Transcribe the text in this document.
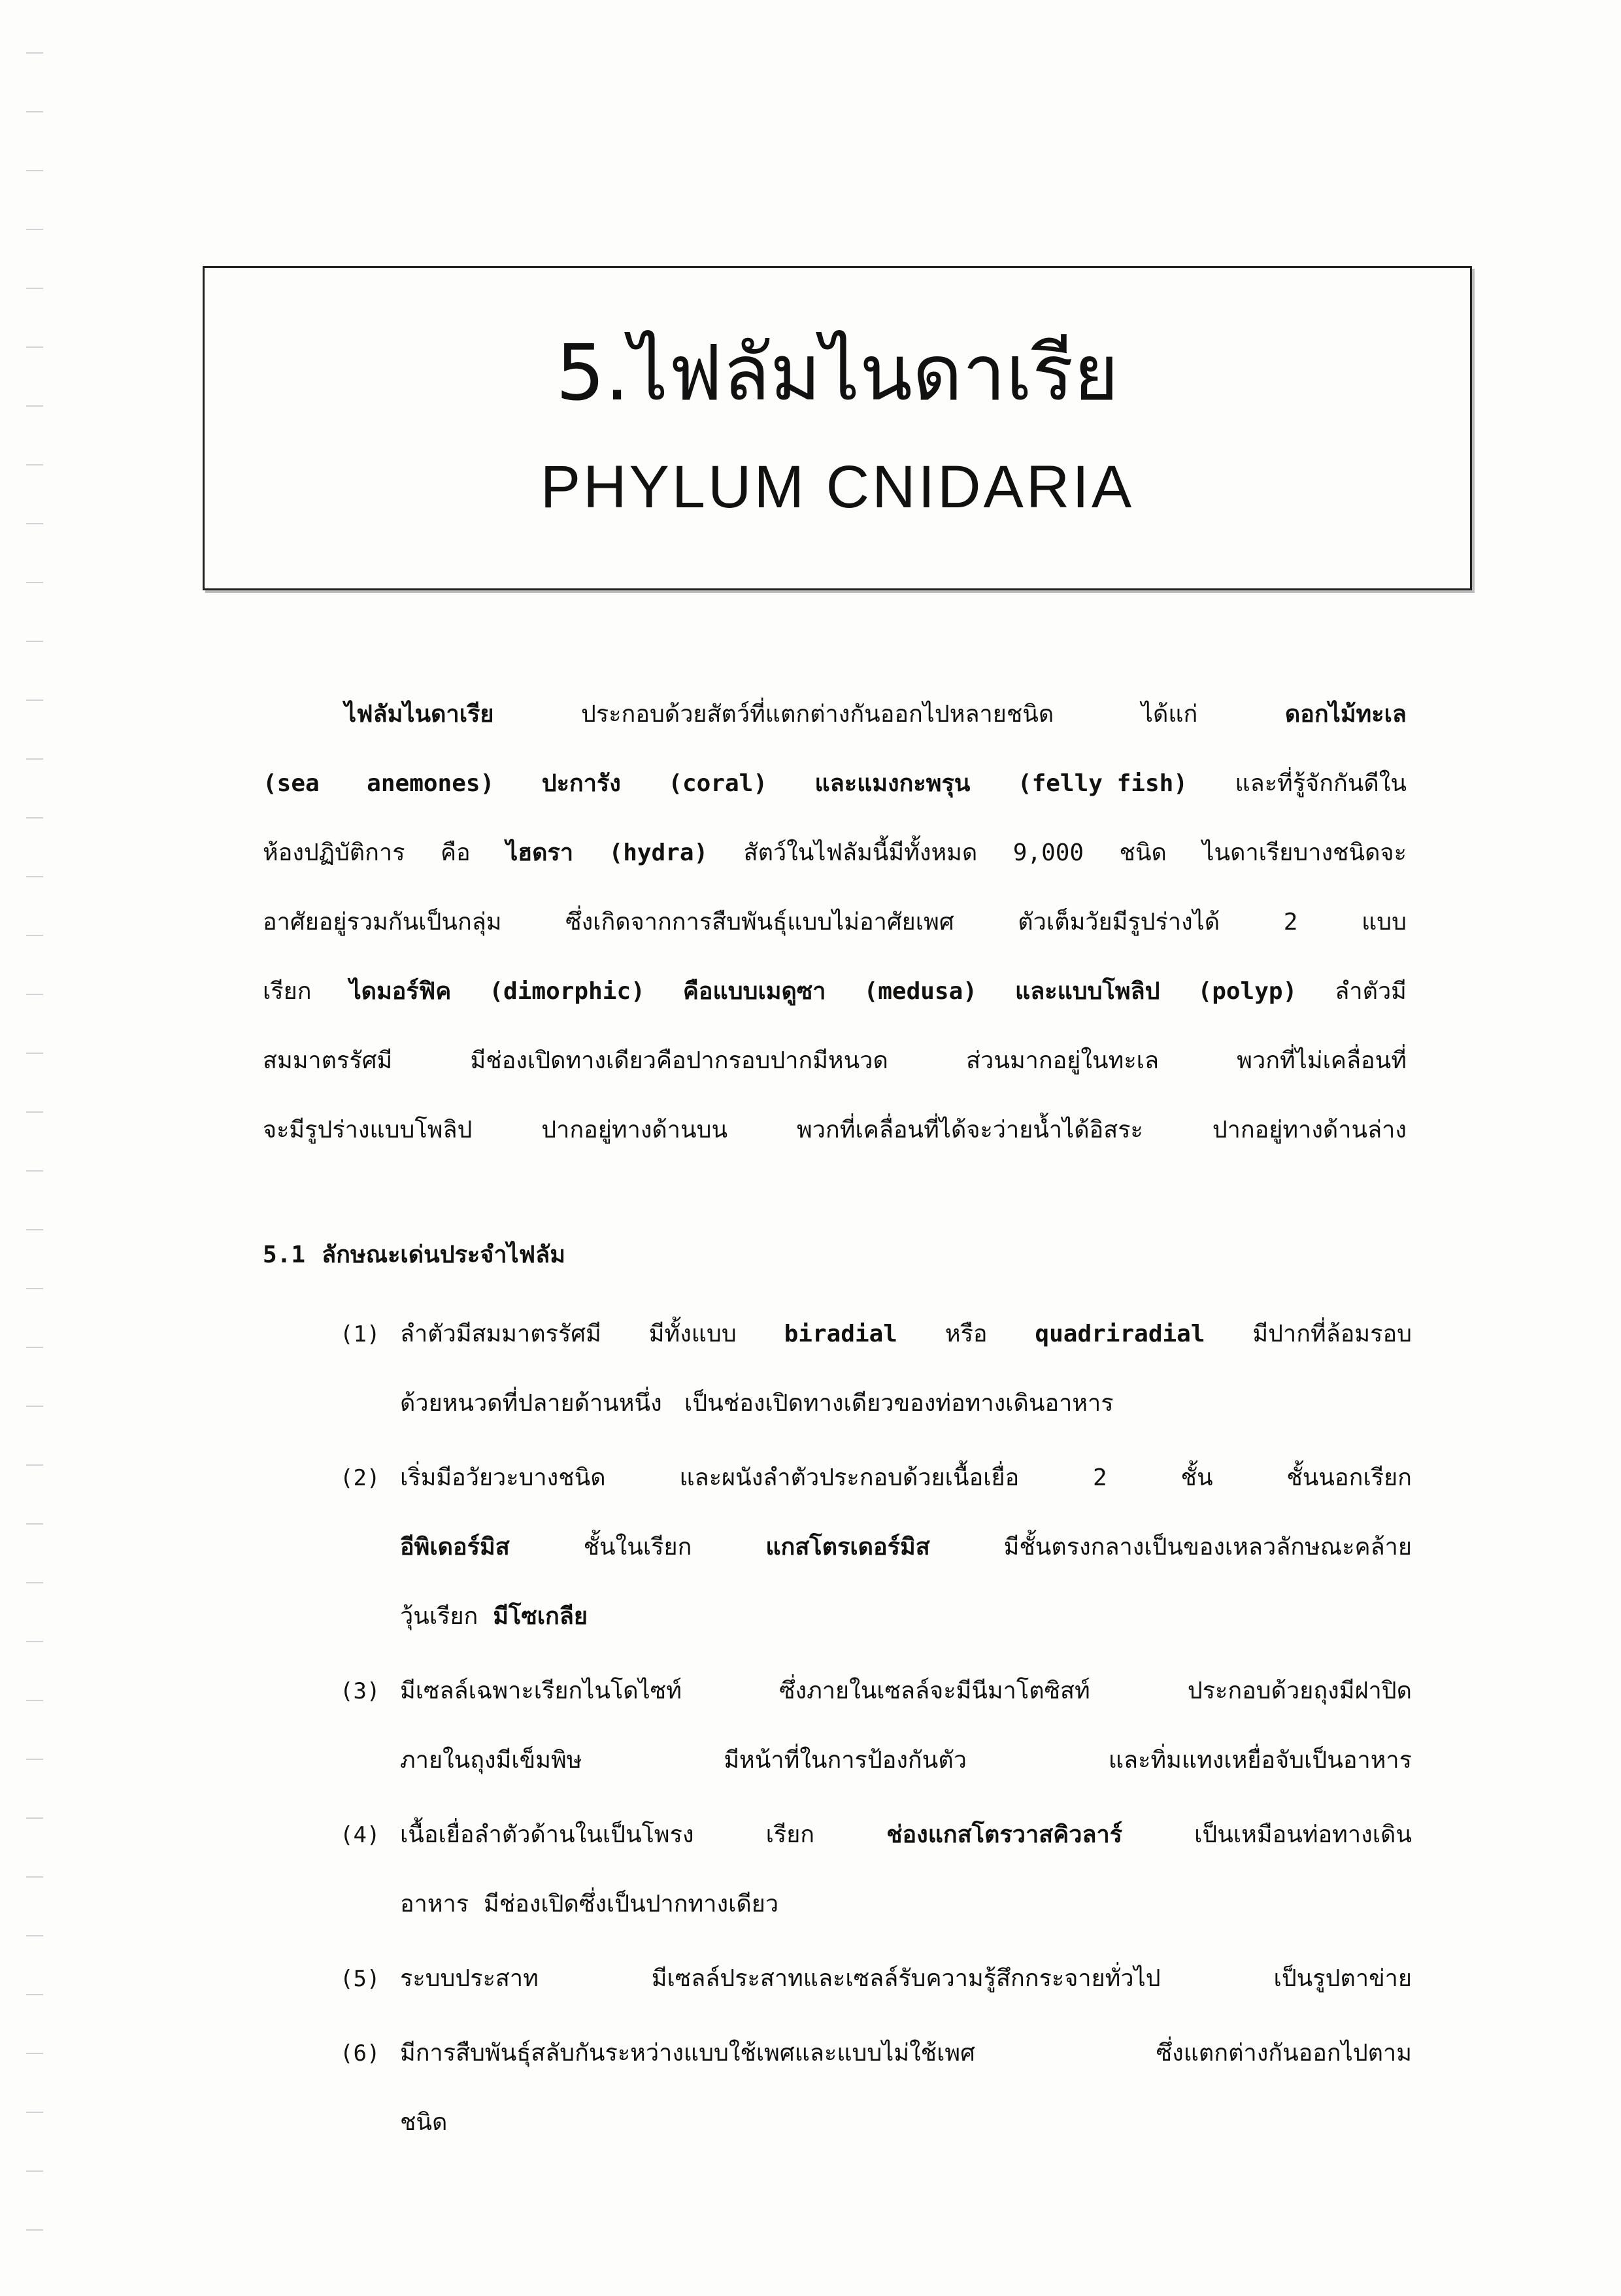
5.ไฟลัมไนดาเรีย
PHYLUM CNIDARIA
ไฟลัมไนดาเรีย	ประกอบด้วยสัตว์ที่แตกต่างกันออกไปหลายชนิด	ได้แก่	ดอกไม้ทะเล
(sea anemones) ปะการัง (coral) และแมงกะพรุน (felly fish) และที่รู้จักกันดีใน
ห้องปฏิบัติการ คือ ไฮดรา (hydra) สัตว์ในไฟลัมนี้มีทั้งหมด 9,000 ชนิด ไนดาเรียบางชนิดจะ
อาศัยอยู่รวมกันเป็นกลุ่ม	ซึ่งเกิดจากการสืบพันธุ์แบบไม่อาศัยเพศ	ตัวเต็มวัยมีรูปร่างได้	2	แบบ
เรียก ไดมอร์ฟิค (dimorphic) คือแบบเมดูซา (medusa) และแบบโพลิป (polyp) ลำตัวมี
สมมาตรรัศมี	มีช่องเปิดทางเดียวคือปากรอบปากมีหนวด	ส่วนมากอยู่ในทะเล	พวกที่ไม่เคลื่อนที่
จะมีรูปร่างแบบโพลิป	ปากอยู่ทางด้านบน	พวกที่เคลื่อนที่ได้จะว่ายน้ำได้อิสระ	ปากอยู่ทางด้านล่าง
5.1 ลักษณะเด่นประจำไฟลัม
(1) ลำตัวมีสมมาตรรัศมี มีทั้งแบบ biradial หรือ quadriradial มีปากที่ล้อมรอบ
ด้วยหนวดที่ปลายด้านหนึ่ง
เป็นช่องเปิดทางเดียวของท่อทางเดินอาหาร
(2) เริ่มมีอวัยวะบางชนิด	และผนังลำตัวประกอบด้วยเนื้อเยื่อ	2	ชั้น	ชั้นนอกเรียก
อีพิเดอร์มิส	ชั้นในเรียก	แกสโตรเดอร์มิส	มีชั้นตรงกลางเป็นของเหลวลักษณะคล้าย
วุ้นเรียก
มีโซเกลีย
(3) มีเซลล์เฉพาะเรียกไนโดไซท์	ซึ่งภายในเซลล์จะมีนีมาโตซิสท์	ประกอบด้วยถุงมีฝาปิด
ภายในถุงมีเข็มพิษ	มีหน้าที่ในการป้องกันตัว	และทิ่มแทงเหยื่อจับเป็นอาหาร
(4) เนื้อเยื่อลำตัวด้านในเป็นโพรง	เรียก	ช่องแกสโตรวาสคิวลาร์	เป็นเหมือนท่อทางเดิน
อาหาร
มีช่องเปิดซึ่งเป็นปากทางเดียว
(5) ระบบประสาท	มีเซลล์ประสาทและเซลล์รับความรู้สึกกระจายทั่วไป	เป็นรูปตาข่าย
(6) มีการสืบพันธุ์สลับกันระหว่างแบบใช้เพศและแบบไม่ใช้เพศ	ซึ่งแตกต่างกันออกไปตาม
ชนิด
